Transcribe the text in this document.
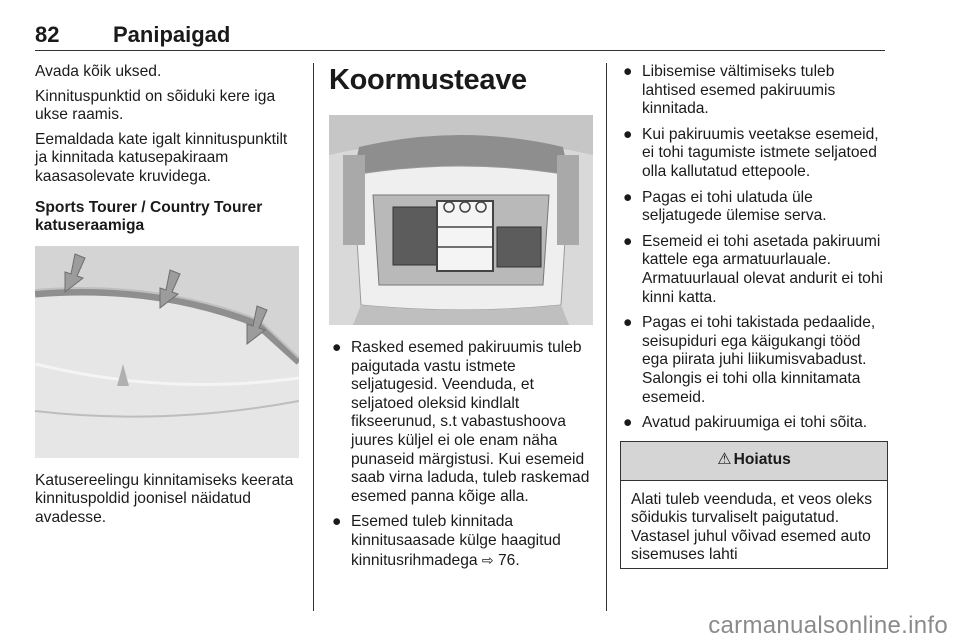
82 Panipaigad

Avada kõik uksed.

Kinnituspunktid on sõiduki kere iga ukse raamis.

Eemaldada kate igalt kinnituspunktilt ja kinnitada katusepakiraam kaasasolevate kruvidega.

Sports Tourer / Country Tourer katuseraamiga

Katusereelingu kinnitamiseks keerata kinnituspoldid joonisel näidatud avadesse.

Koormusteave
● Rasked esemed pakiruumis tuleb paigutada vastu istmete seljatugesid. Veenduda, et seljatoed oleksid kindlalt fikseerunud, s.t vabastushoova juures küljel ei ole enam näha punaseid märgistusi. Kui esemeid saab virna laduda, tuleb raskemad esemed panna kõige alla.
● Esemed tuleb kinnitada kinnitusaasade külge haagitud kinnitusrihmadega ⇨ 76.
● Libisemise vältimiseks tuleb lahtised esemed pakiruumis kinnitada.
● Kui pakiruumis veetakse esemeid, ei tohi tagumiste istmete seljatoed olla kallutatud ettepoole.
● Pagas ei tohi ulatuda üle seljatugede ülemise serva.
● Esemeid ei tohi asetada pakiruumi kattele ega armatuurlauale. Armatuurlaual olevat andurit ei tohi kinni katta.
● Pagas ei tohi takistada pedaalide, seisupiduri ega käigukangi tööd ega piirata juhi liikumisvabadust. Salongis ei tohi olla kinnitamata esemeid.
● Avatud pakiruumiga ei tohi sõita.
⚠ Hoiatus
Alati tuleb veenduda, et veos oleks sõidukis turvaliselt paigutatud. Vastasel juhul võivad esemed auto sisemuses lahti
carmanualsonline.info
